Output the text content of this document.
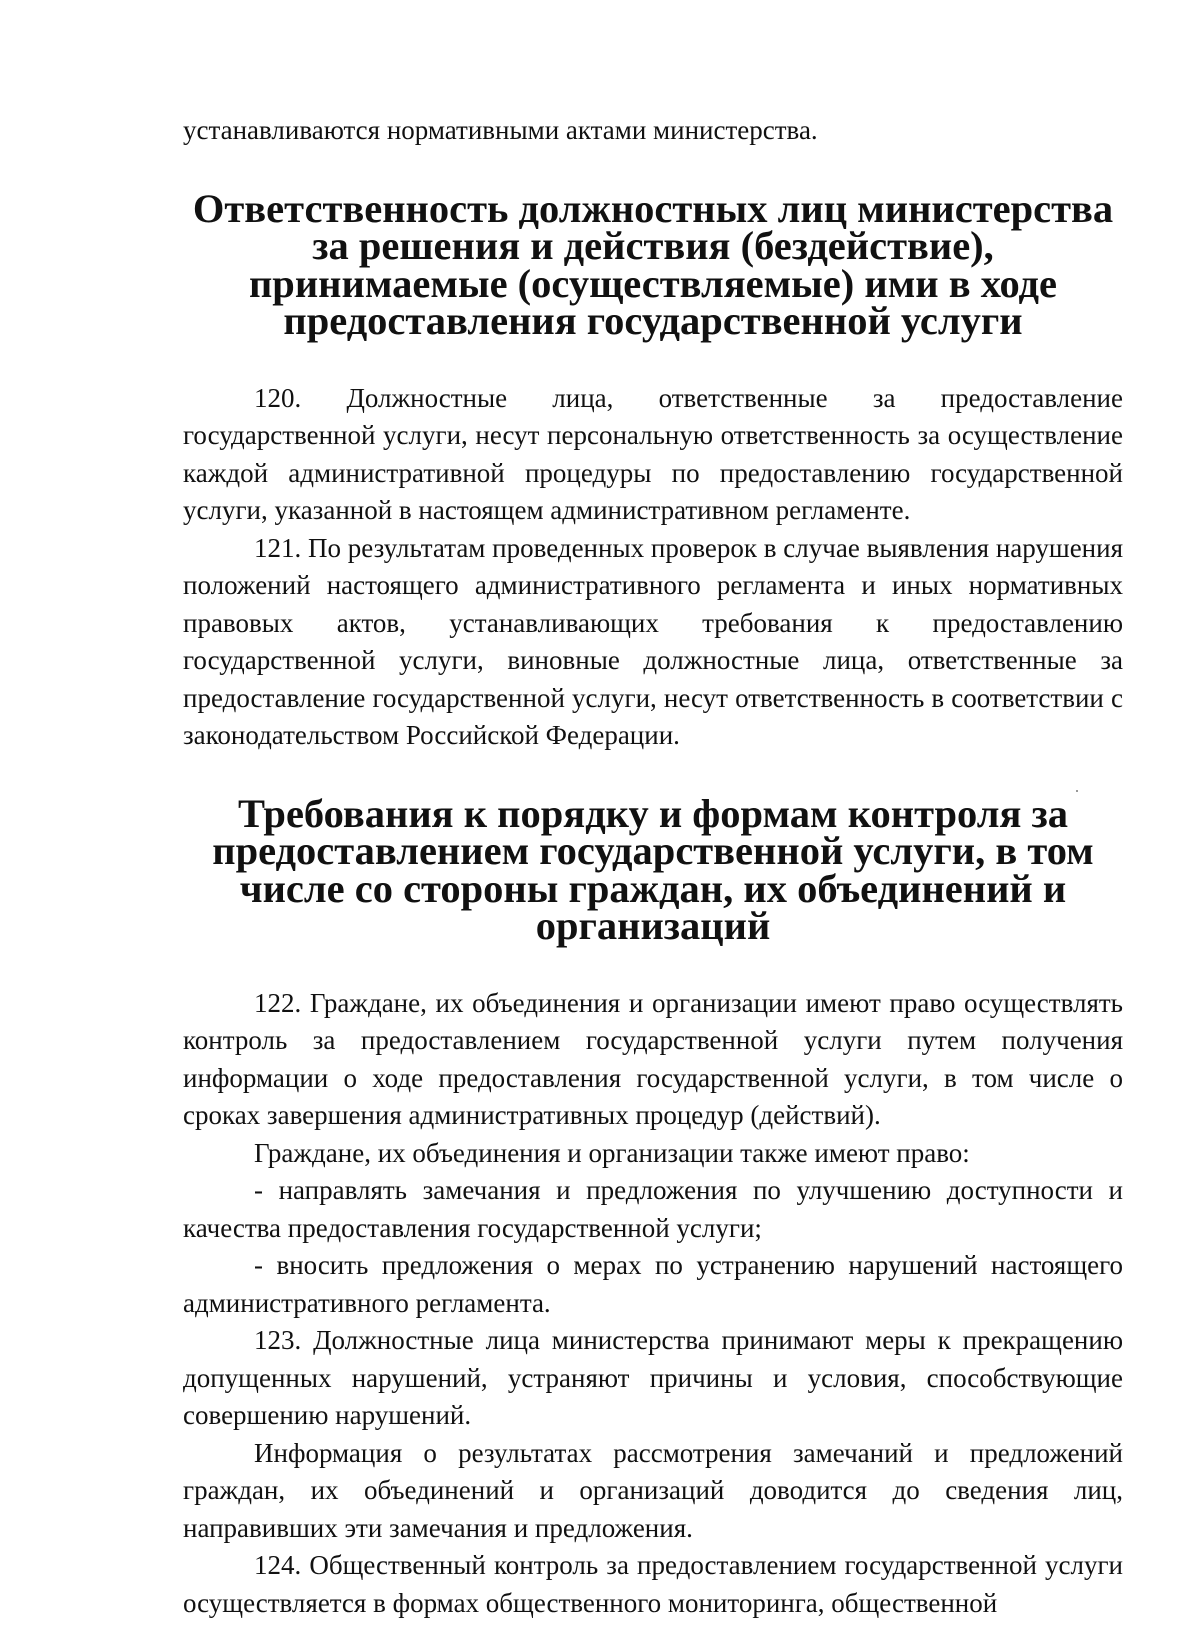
устанавливаются нормативными актами министерства.

Ответственность должностных лиц министерства за решения и действия (бездействие), принимаемые (осуществляемые) ими в ходе предоставления государственной услуги

120. Должностные лица, ответственные за предоставление государственной услуги, несут персональную ответственность за осуществление каждой административной процедуры по предоставлению государственной услуги, указанной в настоящем административном регламенте.

121. По результатам проведенных проверок в случае выявления нарушения положений настоящего административного регламента и иных нормативных правовых актов, устанавливающих требования к предоставлению государственной услуги, виновные должностные лица, ответственные за предоставление государственной услуги, несут ответственность в соответствии с законодательством Российской Федерации.

Требования к порядку и формам контроля за предоставлением государственной услуги, в том числе со стороны граждан, их объединений и организаций

122. Граждане, их объединения и организации имеют право осуществлять контроль за предоставлением государственной услуги путем получения информации о ходе предоставления государственной услуги, в том числе о сроках завершения административных процедур (действий).

Граждане, их объединения и организации также имеют право:

- направлять замечания и предложения по улучшению доступности и качества предоставления государственной услуги;

- вносить предложения о мерах по устранению нарушений настоящего административного регламента.

123. Должностные лица министерства принимают меры к прекращению допущенных нарушений, устраняют причины и условия, способствующие совершению нарушений.

Информация о результатах рассмотрения замечаний и предложений граждан, их объединений и организаций доводится до сведения лиц, направивших эти замечания и предложения.

124. Общественный контроль за предоставлением государственной услуги осуществляется в формах общественного мониторинга, общественной
